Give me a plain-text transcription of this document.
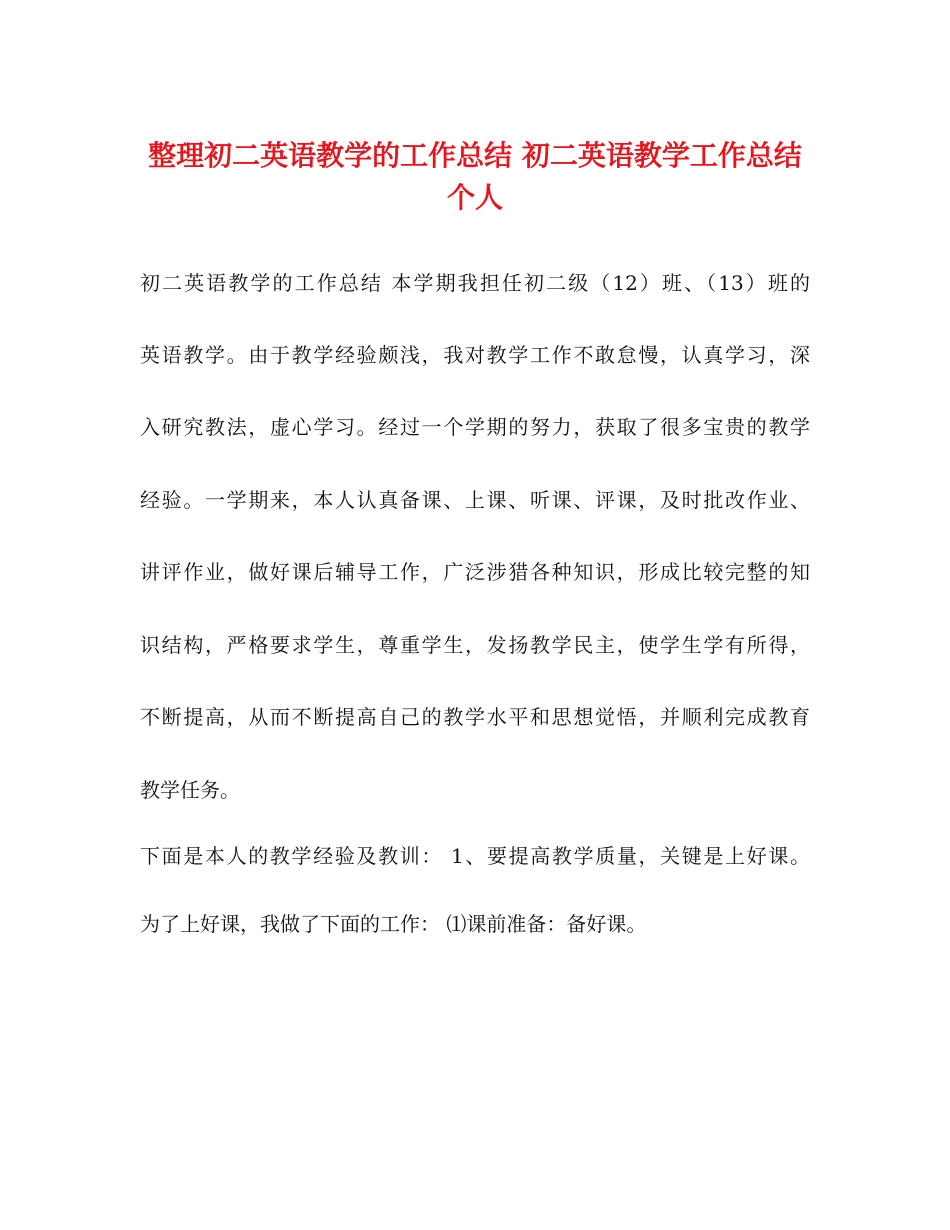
整理初二英语教学的工作总结 初二英语教学工作总结
个人

初二英语教学的工作总结 本学期我担任初二级（12）班、（13）班的

英语教学。由于教学经验颇浅，我对教学工作不敢怠慢，认真学习，深

入研究教法，虚心学习。经过一个学期的努力，获取了很多宝贵的教学

经验。一学期来，本人认真备课、上课、听课、评课，及时批改作业、

讲评作业，做好课后辅导工作，广泛涉猎各种知识，形成比较完整的知

识结构，严格要求学生，尊重学生，发扬教学民主，使学生学有所得，

不断提高，从而不断提高自己的教学水平和思想觉悟，并顺利完成教育

教学任务。

下面是本人的教学经验及教训： 1、要提高教学质量，关键是上好课。

为了上好课，我做了下面的工作： ⑴课前准备：备好课。
